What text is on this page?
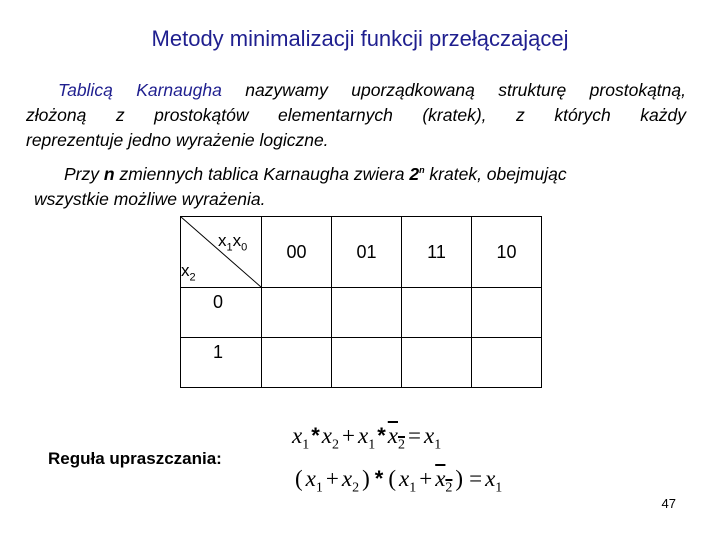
Metody minimalizacji funkcji przełączającej
Tablicą Karnaugha nazywamy uporządkowaną strukturę prostokątną,
złożoną z prostokątów elementarnych (kratek), z których każdy
reprezentuje jedno wyrażenie logiczne.
Przy n zmiennych tablica Karnaugha zwiera 2$^n$ kratek, obejmując
wszystkie możliwe wyrażenia.
$x_1x_0$
$x_2$	00	01	11	10
0				
1				
Reguła upraszczania:
$x_1*x_2 + x_1*x_2 = x_1$
( $x_1 + x_2$ ) * ( $x_1 + x_2$ ) = $x_1$
47
